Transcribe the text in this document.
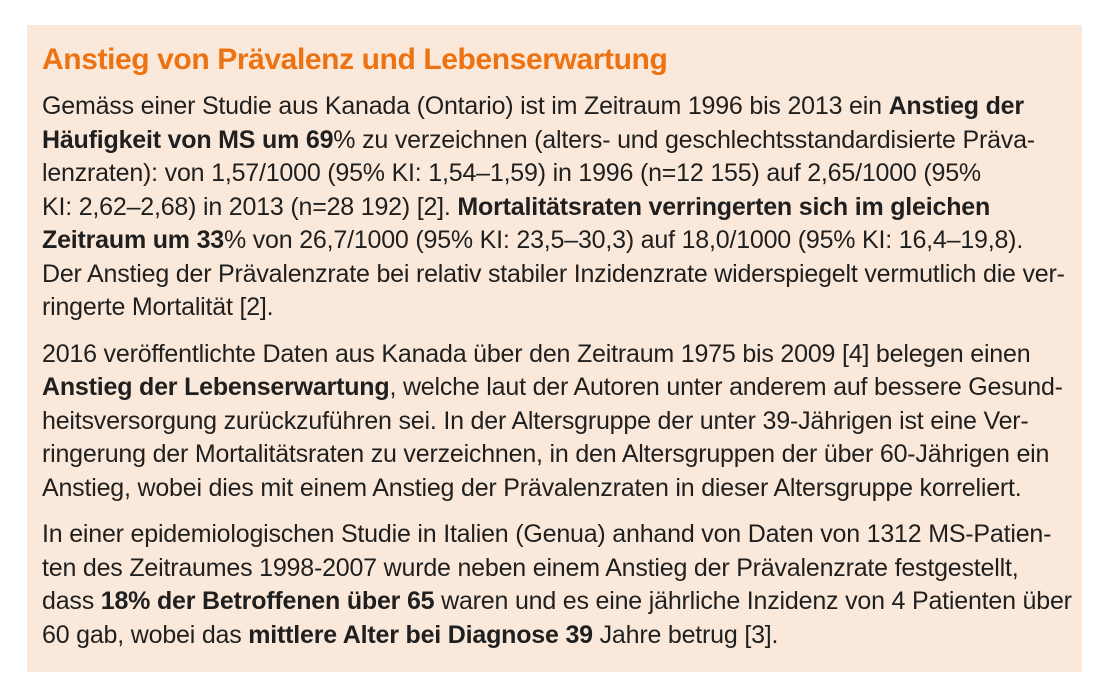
Anstieg von Prävalenz und Lebenserwartung
Gemäss einer Studie aus Kanada (Ontario) ist im Zeitraum 1996 bis 2013 ein Anstieg der
Häufigkeit von MS um 69% zu verzeichnen (alters- und geschlechtsstandardisierte Präva-
lenzraten): von 1,57/1000 (95% KI: 1,54–1,59) in 1996 (n=12 155) auf 2,65/1000 (95%
KI: 2,62–2,68) in 2013 (n=28 192) [2]. Mortalitätsraten verringerten sich im gleichen
Zeitraum um 33% von 26,7/1000 (95% KI: 23,5–30,3) auf 18,0/1000 (95% KI: 16,4–19,8).
Der Anstieg der Prävalenzrate bei relativ stabiler Inzidenzrate widerspiegelt vermutlich die ver-
ringerte Mortalität [2].
2016 veröffentlichte Daten aus Kanada über den Zeitraum 1975 bis 2009 [4] belegen einen
Anstieg der Lebenserwartung, welche laut der Autoren unter anderem auf bessere Gesund-
heitsversorgung zurückzuführen sei. In der Altersgruppe der unter 39-Jährigen ist eine Ver-
ringerung der Mortalitätsraten zu verzeichnen, in den Altersgruppen der über 60-Jährigen ein
Anstieg, wobei dies mit einem Anstieg der Prävalenzraten in dieser Altersgruppe korreliert.
In einer epidemiologischen Studie in Italien (Genua) anhand von Daten von 1312 MS-Patien-
ten des Zeitraumes 1998-2007 wurde neben einem Anstieg der Prävalenzrate festgestellt,
dass 18% der Betroffenen über 65 waren und es eine jährliche Inzidenz von 4 Patienten über
60 gab, wobei das mittlere Alter bei Diagnose 39 Jahre betrug [3].
